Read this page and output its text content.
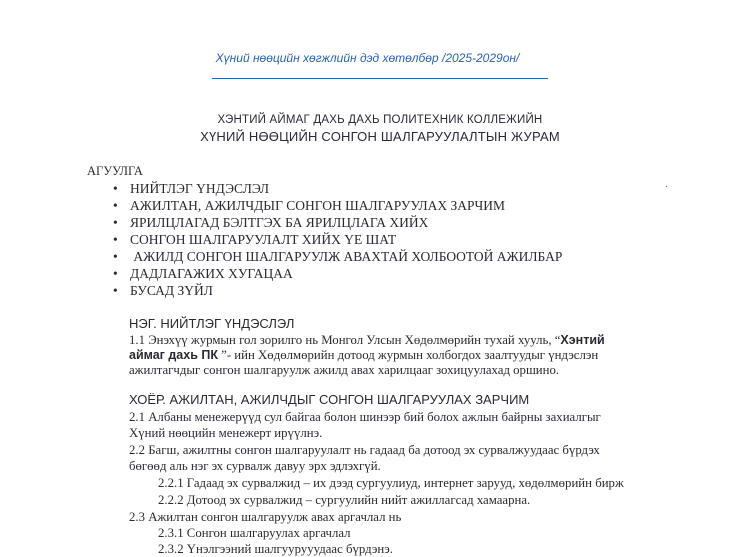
Хүний нөөцийн хөгжлийн дэд хөтөлбөр /2025-2029он/
ХЭНТИЙ АЙМАГ ДАХЬ ДАХЬ ПОЛИТЕХНИК КОЛЛЕЖИЙН
ХҮНИЙ НӨӨЦИЙН СОНГОН ШАЛГАРУУЛАЛТЫН ЖУРАМ
АГУУЛГА
·
• НИЙТЛЭГ ҮНДЭСЛЭЛ
• АЖИЛТАН, АЖИЛЧДЫГ СОНГОН ШАЛГАРУУЛАХ ЗАРЧИМ
• ЯРИЛЦЛАГАД БЭЛТГЭХ БА ЯРИЛЦЛАГА ХИЙХ
• СОНГОН ШАЛГАРУУЛАЛТ ХИЙХ ҮЕ ШАТ
• АЖИЛД СОНГОН ШАЛГАРУУЛЖ АВАХТАЙ ХОЛБООТОЙ АЖИЛБАР
• ДАДЛАГАЖИХ ХУГАЦАА
• БУСАД ЗҮЙЛ
НЭГ. НИЙТЛЭГ ҮНДЭСЛЭЛ
1.1 Энэхүү журмын гол зорилго нь Монгол Улсын Хөдөлмөрийн тухай хууль, “Хэнтий
аймаг дахь ПК ”- ийн Хөдөлмөрийн дотоод журмын холбогдох заалтуудыг үндэслэн
ажилтагчдыг сонгон шалгаруулж ажилд авах харилцааг зохицуулахад оршино.
ХОЁР. АЖИЛТАН, АЖИЛЧДЫГ СОНГОН ШАЛГАРУУЛАХ ЗАРЧИМ
2.1 Албаны менежерүүд сул байгаа болон шинээр бий болох ажлын байрны захиалгыг
Хүний нөөцийн менежерт ирүүлнэ.
2.2 Багш, ажилтны сонгон шалгаруулалт нь гадаад ба дотоод эх сурвалжуудаас бүрдэх
бөгөөд аль нэг эх сурвалж давуу эрх эдлэхгүй.
2.2.1 Гадаад эх сурвалжид – их дээд сургуулиуд, интернет зарууд, хөдөлмөрийн бирж
2.2.2 Дотоод эх сурвалжид – сургуулийн нийт ажиллагсад хамаарна.
2.3 Ажилтан сонгон шалгаруулж авах аргачлал нь
2.3.1 Сонгон шалгаруулах аргачлал
2.3.2 Үнэлгээний шалгуурууудаас бүрдэнэ.
